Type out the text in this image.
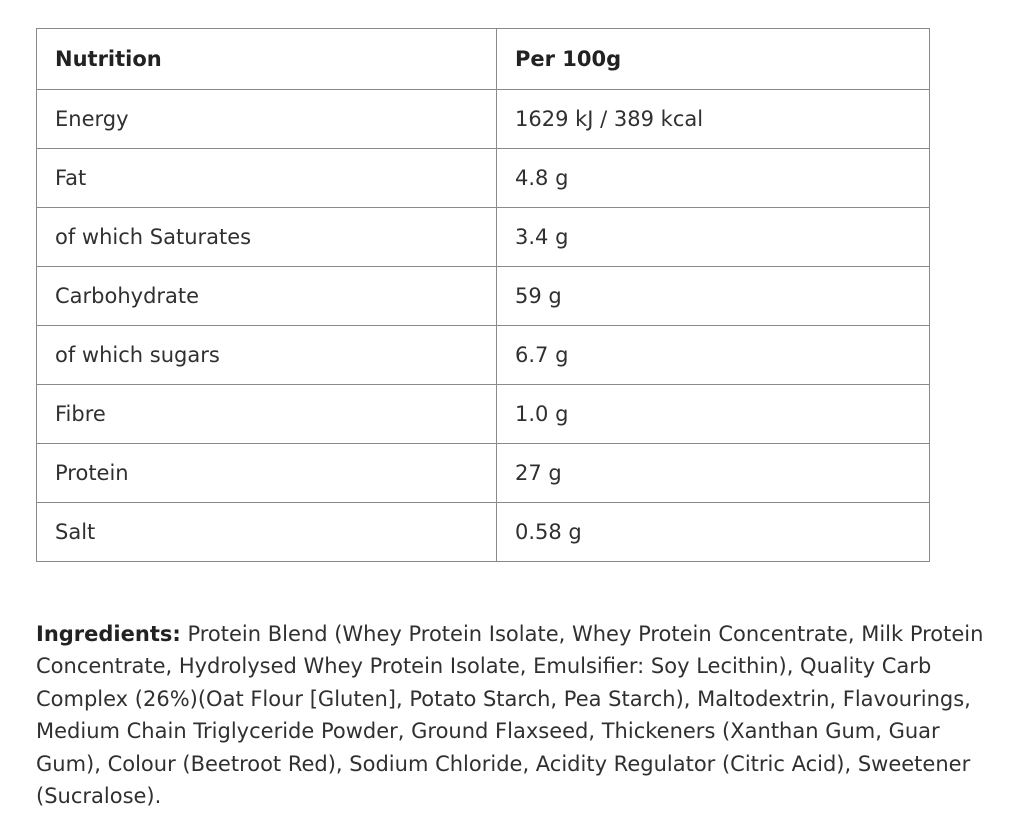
Nutrition	Per 100g
Energy	1629 kJ / 389 kcal
Fat	4.8 g
of which Saturates	3.4 g
Carbohydrate	59 g
of which sugars	6.7 g
Fibre	1.0 g
Protein	27 g
Salt	0.58 g

Ingredients: Protein Blend (Whey Protein Isolate, Whey Protein Concentrate, Milk Protein Concentrate, Hydrolysed Whey Protein Isolate, Emulsifier: Soy Lecithin), Quality Carb Complex (26%)(Oat Flour [Gluten], Potato Starch, Pea Starch), Maltodextrin, Flavourings, Medium Chain Triglyceride Powder, Ground Flaxseed, Thickeners (Xanthan Gum, Guar Gum), Colour (Beetroot Red), Sodium Chloride, Acidity Regulator (Citric Acid), Sweetener (Sucralose).
